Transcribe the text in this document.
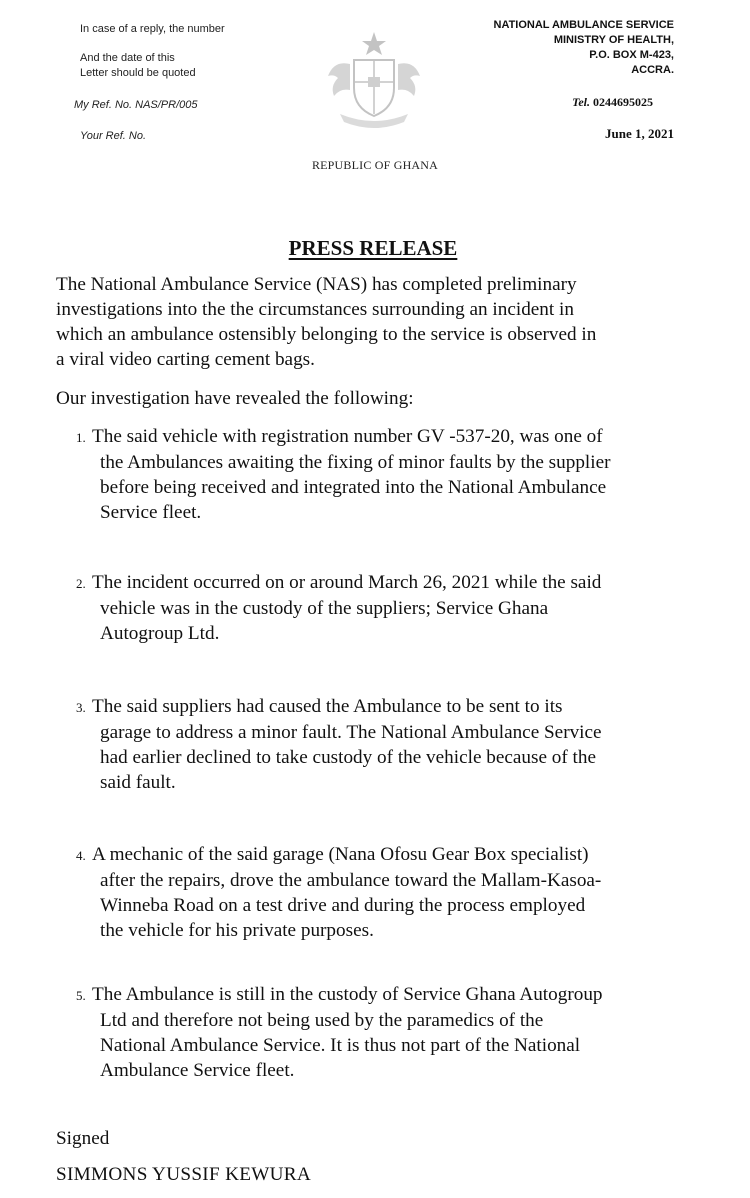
In case of a reply, the number
And the date of this
Letter should be quoted
My Ref. No. NAS/PR/005
Your Ref. No.
NATIONAL AMBULANCE SERVICE
MINISTRY OF HEALTH,
P.O. BOX M-423,
ACCRA.
Tel. 0244695025
June 1, 2021
REPUBLIC OF GHANA
PRESS RELEASE

The National Ambulance Service (NAS) has completed preliminary
investigations into the the circumstances surrounding an incident in
which an ambulance ostensibly belonging to the service is observed in
a viral video carting cement bags.

Our investigation have revealed the following:

1. The said vehicle with registration number GV -537-20, was one of
the Ambulances awaiting the fixing of minor faults by the supplier
before being received and integrated into the National Ambulance
Service fleet.

2. The incident occurred on or around March 26, 2021 while the said
vehicle was in the custody of the suppliers; Service Ghana
Autogroup Ltd.

3. The said suppliers had caused the Ambulance to be sent to its
garage to address a minor fault. The National Ambulance Service
had earlier declined to take custody of the vehicle because of the
said fault.

4. A mechanic of the said garage (Nana Ofosu Gear Box specialist)
after the repairs, drove the ambulance toward the Mallam-Kasoa-
Winneba Road on a test drive and during the process employed
the vehicle for his private purposes.

5. The Ambulance is still in the custody of Service Ghana Autogroup
Ltd and therefore not being used by the paramedics of the
National Ambulance Service. It is thus not part of the National
Ambulance Service fleet.

Signed
SIMMONS YUSSIF KEWURA
